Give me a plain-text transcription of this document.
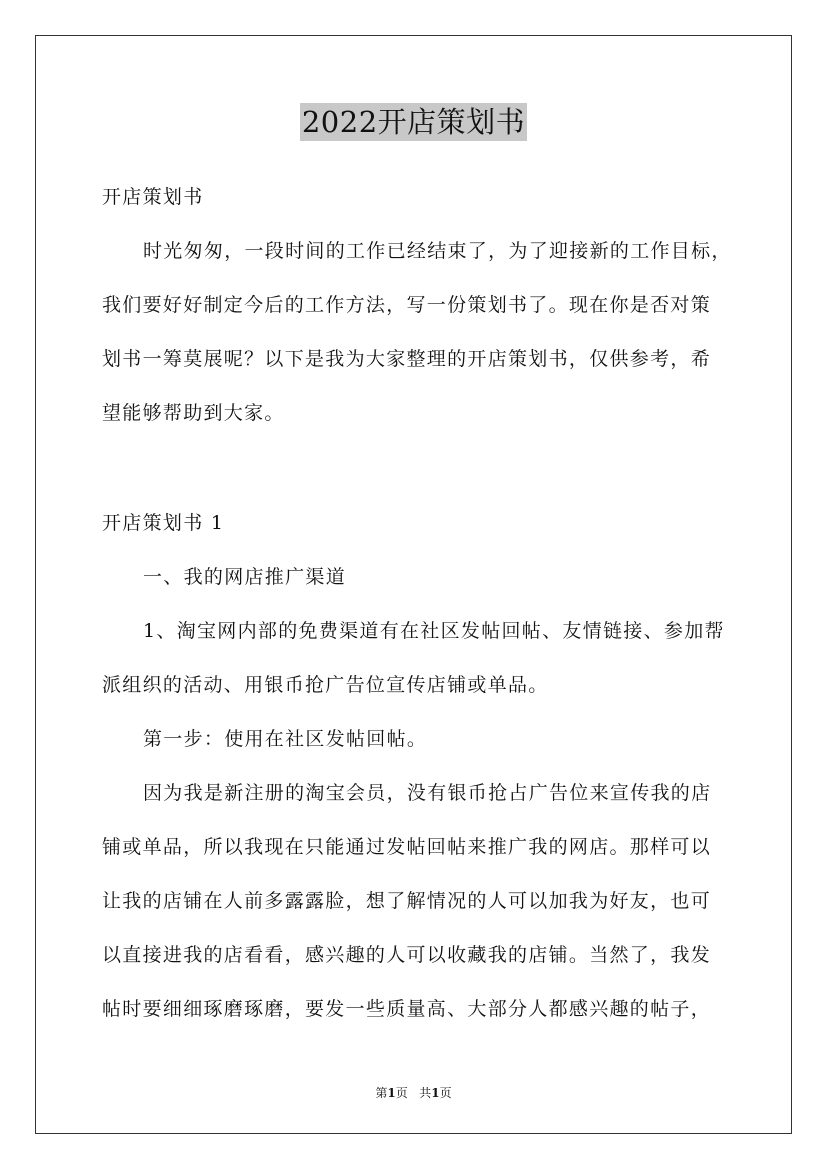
2022开店策划书
开店策划书
时光匆匆，一段时间的工作已经结束了，为了迎接新的工作目标，
我们要好好制定今后的工作方法，写一份策划书了。现在你是否对策
划书一筹莫展呢？以下是我为大家整理的开店策划书，仅供参考，希
望能够帮助到大家。
开店策划书 1
一、我的网店推广渠道
1、淘宝网内部的免费渠道有在社区发帖回帖、友情链接、参加帮
派组织的活动、用银币抢广告位宣传店铺或单品。
第一步：使用在社区发帖回帖。
因为我是新注册的淘宝会员，没有银币抢占广告位来宣传我的店
铺或单品，所以我现在只能通过发帖回帖来推广我的网店。那样可以
让我的店铺在人前多露露脸，想了解情况的人可以加我为好友，也可
以直接进我的店看看，感兴趣的人可以收藏我的店铺。当然了，我发
帖时要细细琢磨琢磨，要发一些质量高、大部分人都感兴趣的帖子，
第1页 共1页
